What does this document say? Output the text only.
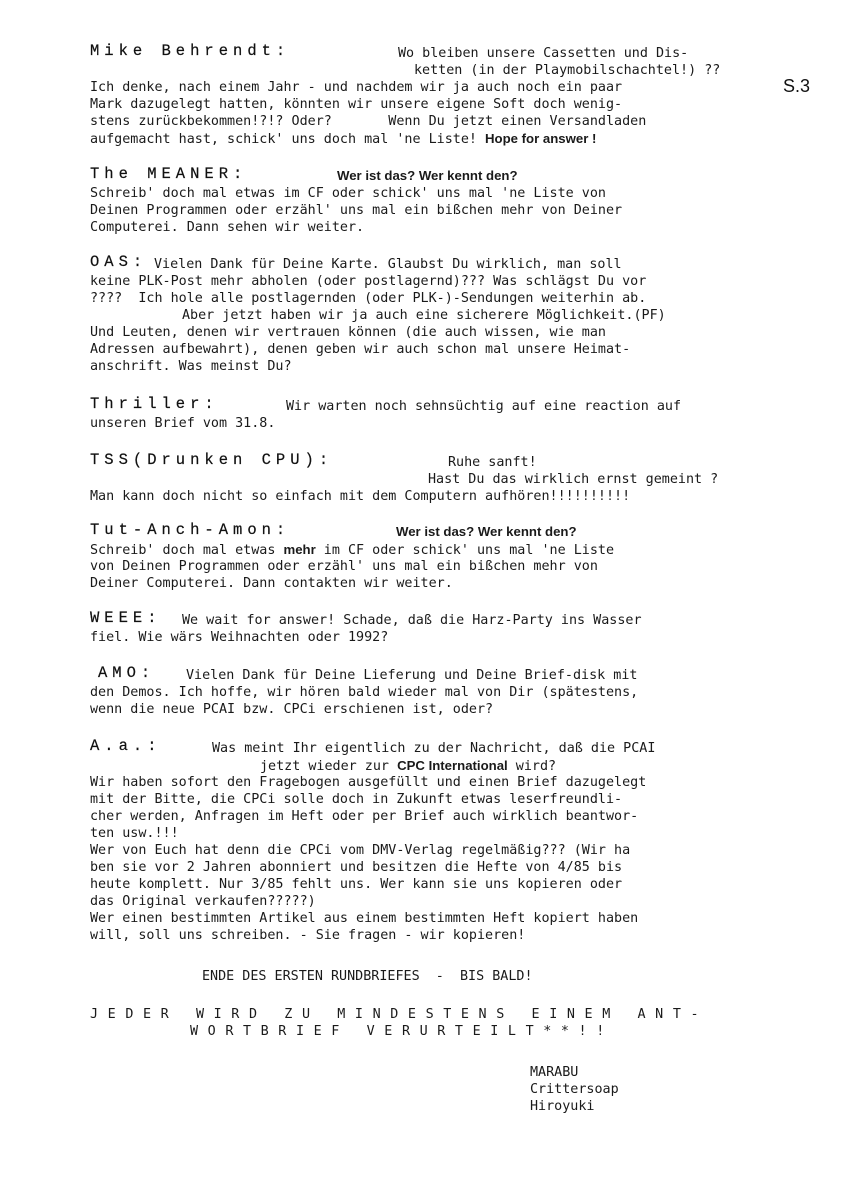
S.3
Mike Behrendt:	Wo bleiben unsere Cassetten und Dis-
ketten (in der Playmobilschachtel!) ??
Ich denke, nach einem Jahr - und nachdem wir ja auch noch ein paar
Mark dazugelegt hatten, könnten wir unsere eigene Soft doch wenig-
stens zurückbekommen!?!? Oder?       Wenn Du jetzt einen Versandladen
aufgemacht hast, schick' uns doch mal 'ne Liste! Hope for answer !
The MEANER:	Wer ist das? Wer kennt den?
Schreib' doch mal etwas im CF oder schick' uns mal 'ne Liste von
Deinen Programmen oder erzähl' uns mal ein bißchen mehr von Deiner
Computerei. Dann sehen wir weiter.
OAS: Vielen Dank für Deine Karte. Glaubst Du wirklich, man soll
keine PLK-Post mehr abholen (oder postlagernd)??? Was schlägst Du vor
????  Ich hole alle postlagernden (oder PLK-)-Sendungen weiterhin ab.
Aber jetzt haben wir ja auch eine sicherere Möglichkeit.(PF)
Und Leuten, denen wir vertrauen können (die auch wissen, wie man
Adressen aufbewahrt), denen geben wir auch schon mal unsere Heimat-
anschrift. Was meinst Du?
Thriller:	Wir warten noch sehnsüchtig auf eine reaction auf
unseren Brief vom 31.8.
TSS(Drunken CPU):	Ruhe sanft!
Hast Du das wirklich ernst gemeint ?
Man kann doch nicht so einfach mit dem Computern aufhören!!!!!!!!!!
Tut-Anch-Amon:	Wer ist das? Wer kennt den?
Schreib' doch mal etwas mehr im CF oder schick' uns mal 'ne Liste
von Deinen Programmen oder erzähl' uns mal ein bißchen mehr von
Deiner Computerei. Dann contakten wir weiter.
WEEE: We wait for answer! Schade, daß die Harz-Party ins Wasser
fiel. Wie wärs Weihnachten oder 1992?
AMO: Vielen Dank für Deine Lieferung und Deine Brief-disk mit
den Demos. Ich hoffe, wir hören bald wieder mal von Dir (spätestens,
wenn die neue PCAI bzw. CPCi erschienen ist, oder?
A.a.:	Was meint Ihr eigentlich zu der Nachricht, daß die PCAI
jetzt wieder zur CPC International wird?
Wir haben sofort den Fragebogen ausgefüllt und einen Brief dazugelegt
mit der Bitte, die CPCi solle doch in Zukunft etwas leserfreundli-
cher werden, Anfragen im Heft oder per Brief auch wirklich beantwor-
ten usw.!!!
Wer von Euch hat denn die CPCi vom DMV-Verlag regelmäßig??? (Wir ha
ben sie vor 2 Jahren abonniert und besitzen die Hefte von 4/85 bis
heute komplett. Nur 3/85 fehlt uns. Wer kann sie uns kopieren oder
das Original verkaufen?????)
Wer einen bestimmten Artikel aus einem bestimmten Heft kopiert haben
will, soll uns schreiben. - Sie fragen - wir kopieren!
ENDE DES ERSTEN RUNDBRIEFES  -  BIS BALD!
JEDER WIRD ZU MINDESTENS EINEM ANT-
WORTBRIEF VERURTEILT**!!
MARABU
Crittersoap
Hiroyuki
